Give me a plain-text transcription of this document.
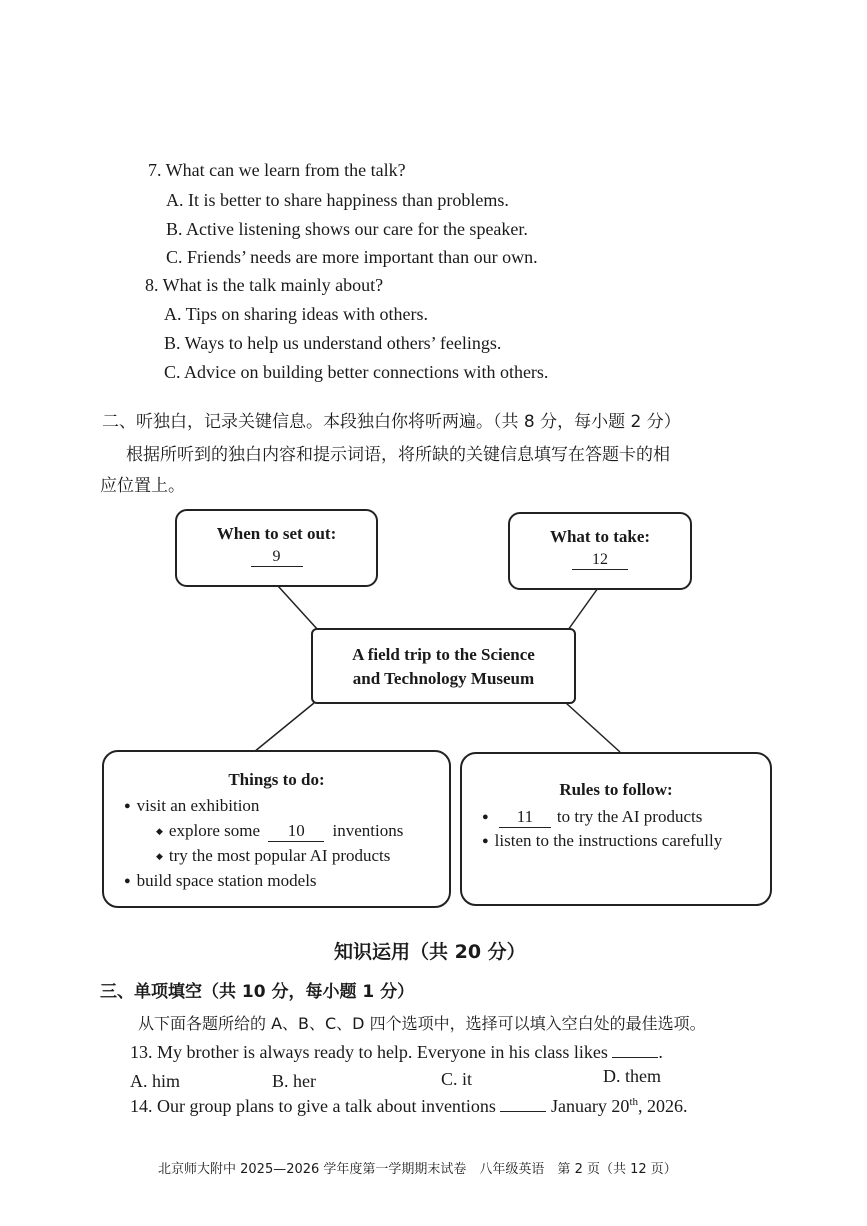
7. What can we learn from the talk?
A. It is better to share happiness than problems.
B. Active listening shows our care for the speaker.
C. Friends’ needs are more important than our own.
8. What is the talk mainly about?
A. Tips on sharing ideas with others.
B. Ways to help us understand others’ feelings.
C. Advice on building better connections with others.
二、听独白，记录关键信息。本段独白你将听两遍。（共 8 分，每小题 2 分）
根据所听到的独白内容和提示词语，将所缺的关键信息填写在答题卡的相
应位置上。
When to set out:
9
What to take:
12
A field trip to the Science
and Technology Museum
Things to do:
● visit an exhibition
◆ explore some 10 inventions
◆ try the most popular AI products
● build space station models
Rules to follow:
● 11 to try the AI products
● listen to the instructions carefully
知识运用（共 20 分）
三、单项填空（共 10 分，每小题 1 分）
从下面各题所给的 A、B、C、D 四个选项中，选择可以填入空白处的最佳选项。
13. My brother is always ready to help. Everyone in his class likes	.
A. him	B. her	C. it	D. them
14. Our group plans to give a talk about inventions	January 20th, 2026.
北京师大附中 2025—2026 学年度第一学期期末试卷　八年级英语　第 2 页（共 12 页）
